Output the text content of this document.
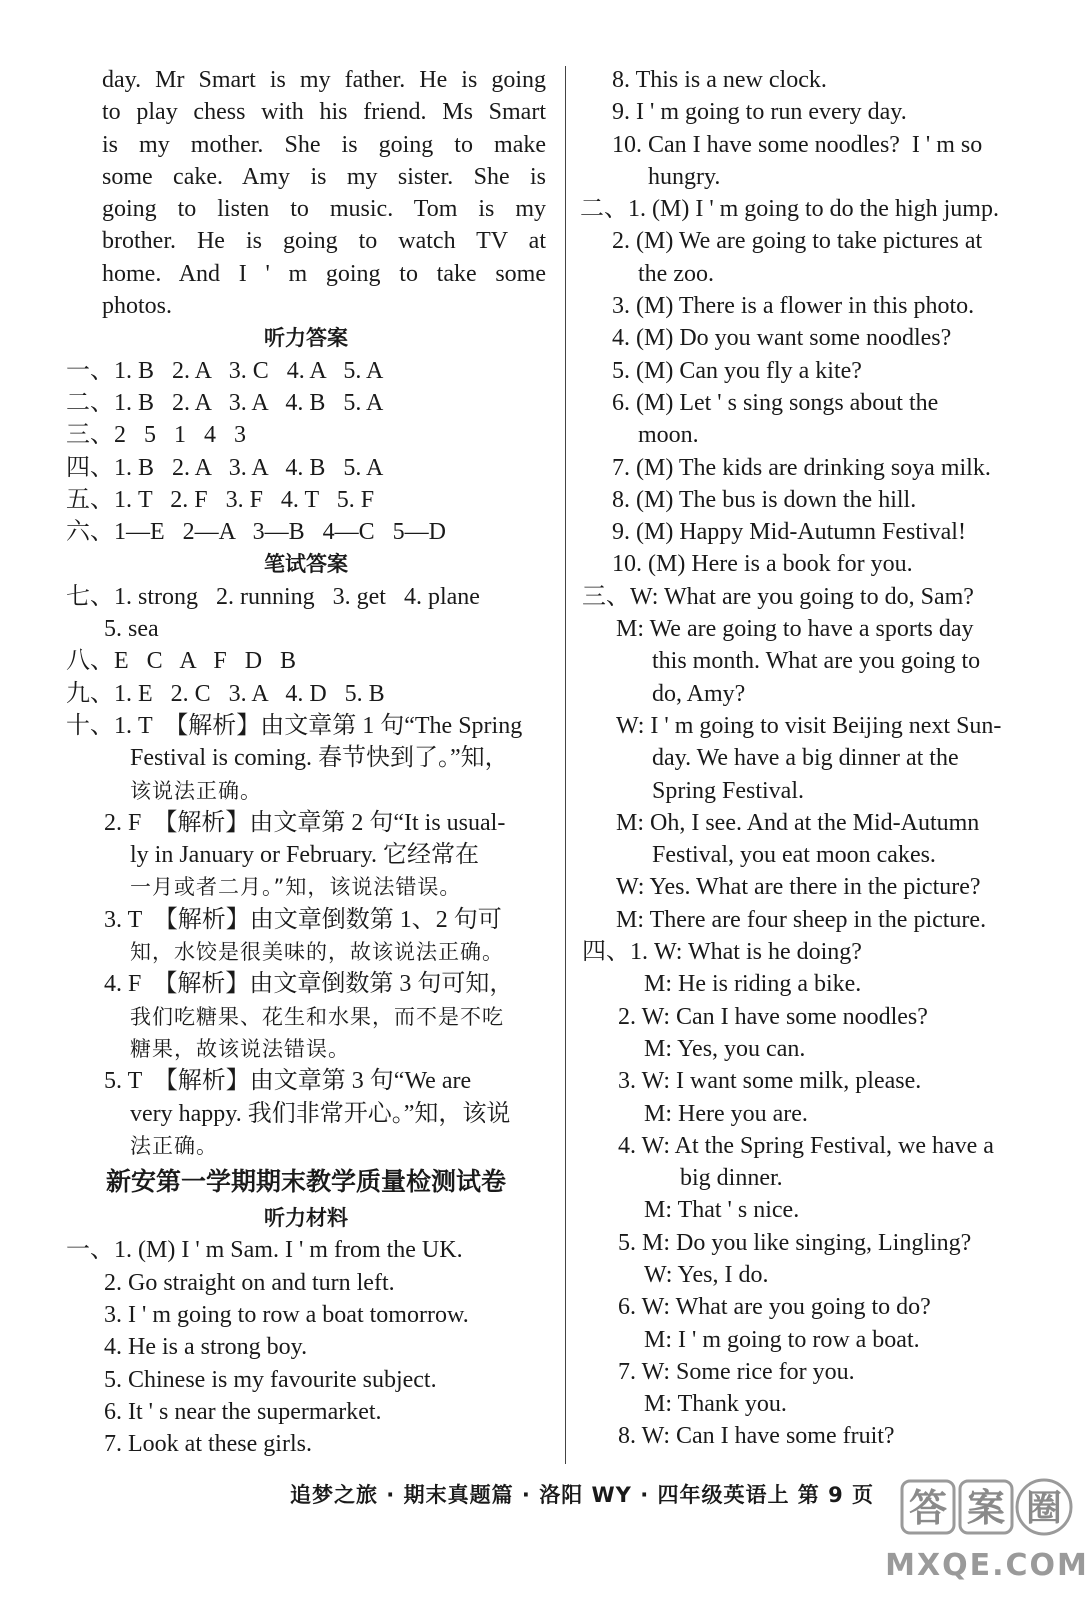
day. Mr Smart is my father. He is going
to play chess with his friend. Ms Smart
is my mother. She is going to make
some cake. Amy is my sister. She is
going to listen to music. Tom is my
brother. He is going to watch TV at
home. And I ' m going to take some
photos.
听力答案
一、1. B   2. A   3. C   4. A   5. A
二、1. B   2. A   3. A   4. B   5. A
三、2   5   1   4   3
四、1. B   2. A   3. A   4. B   5. A
五、1. T   2. F   3. F   4. T   5. F
六、1—E   2—A   3—B   4—C   5—D
笔试答案
七、1. strong   2. running   3. get   4. plane
5. sea
八、E   C   A   F   D   B
九、1. E   2. C   3. A   4. D   5. B
十、1. T  【解析】由文章第 1 句“The Spring
Festival is coming. 春节快到了。”知，
该说法正确。
2. F  【解析】由文章第 2 句“It is usual-
ly in January or February. 它经常在
一月或者二月。”知，该说法错误。
3. T  【解析】由文章倒数第 1、2 句可
知，水饺是很美味的，故该说法正确。
4. F  【解析】由文章倒数第 3 句可知，
我们吃糖果、花生和水果，而不是不吃
糖果，故该说法错误。
5. T  【解析】由文章第 3 句“We are
very happy. 我们非常开心。”知，该说
法正确。
新安第一学期期末教学质量检测试卷
听力材料
一、1. (M) I ' m Sam. I ' m from the UK.
2. Go straight on and turn left.
3. I ' m going to row a boat tomorrow.
4. He is a strong boy.
5. Chinese is my favourite subject.
6. It ' s near the supermarket.
7. Look at these girls.
8. This is a new clock.
9. I ' m going to run every day.
10. Can I have some noodles?  I ' m so
hungry.
二、1. (M) I ' m going to do the high jump.
2. (M) We are going to take pictures at
the zoo.
3. (M) There is a flower in this photo.
4. (M) Do you want some noodles?
5. (M) Can you fly a kite?
6. (M) Let ' s sing songs about the
moon.
7. (M) The kids are drinking soya milk.
8. (M) The bus is down the hill.
9. (M) Happy Mid-Autumn Festival!
10. (M) Here is a book for you.
三、W: What are you going to do, Sam?
M: We are going to have a sports day
this month. What are you going to
do, Amy?
W: I ' m going to visit Beijing next Sun-
day. We have a big dinner at the
Spring Festival.
M: Oh, I see. And at the Mid-Autumn
Festival, you eat moon cakes.
W: Yes. What are there in the picture?
M: There are four sheep in the picture.
四、1. W: What is he doing?
M: He is riding a bike.
2. W: Can I have some noodles?
M: Yes, you can.
3. W: I want some milk, please.
M: Here you are.
4. W: At the Spring Festival, we have a
big dinner.
M: That ' s nice.
5. M: Do you like singing, Lingling?
W: Yes, I do.
6. W: What are you going to do?
M: I ' m going to row a boat.
7. W: Some rice for you.
M: Thank you.
8. W: Can I have some fruit?
追梦之旅 · 期末真题篇 · 洛阳 WY · 四年级英语上 第 9 页 答 案 圈
MXQE.COM
